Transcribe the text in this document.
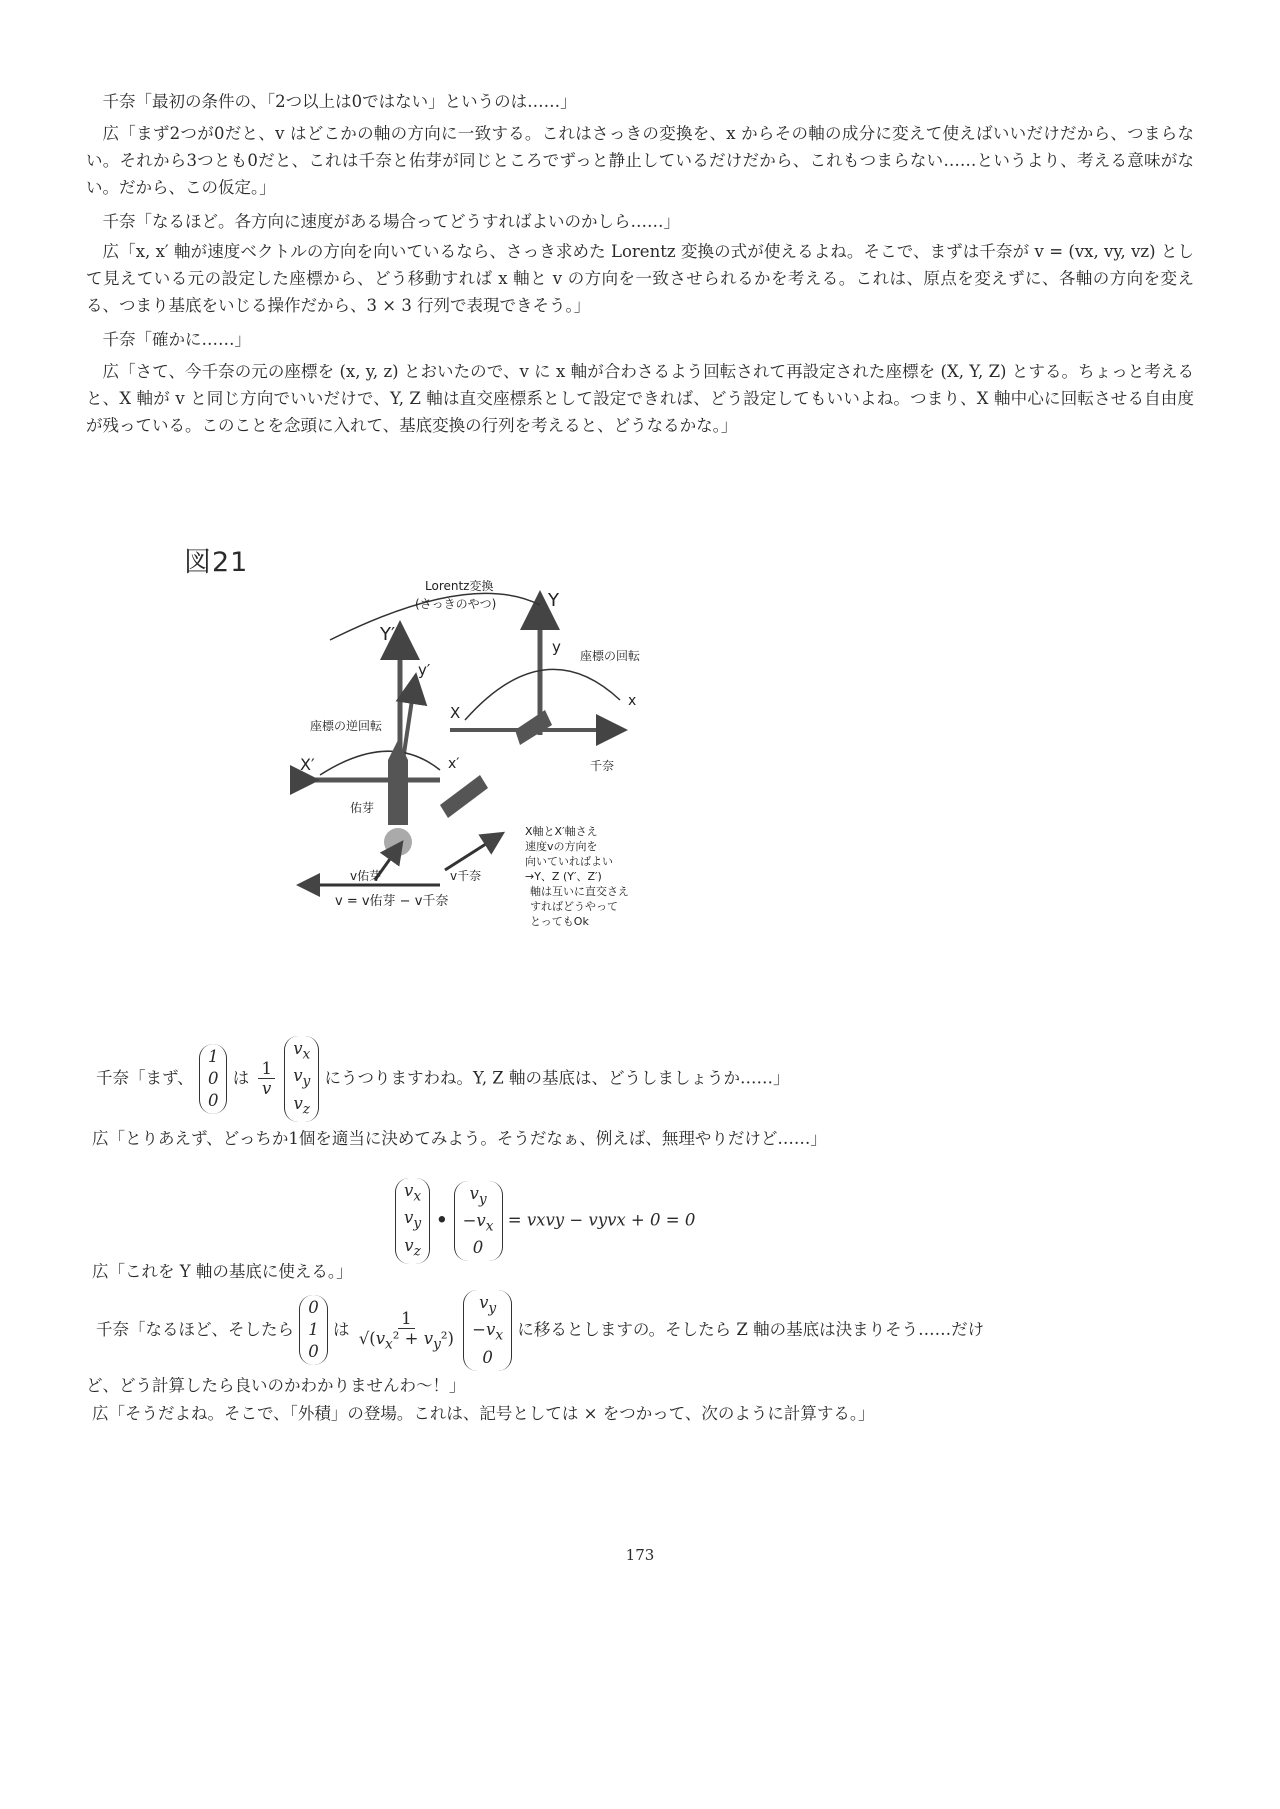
千奈「最初の条件の、「2つ以上は0ではない」というのは……」

広「まず2つが0だと、v はどこかの軸の方向に一致する。これはさっきの変換を、x からその軸の成分に変えて使えばいいだけだから、つまらない。それから3つとも0だと、これは千奈と佑芽が同じところでずっと静止しているだけだから、これもつまらない……というより、考える意味がない。だから、この仮定。」

千奈「なるほど。各方向に速度がある場合ってどうすればよいのかしら……」

広「x, x′ 軸が速度ベクトルの方向を向いているなら、さっき求めた Lorentz 変換の式が使えるよね。そこで、まずは千奈が v = (vx, vy, vz) として見えている元の設定した座標から、どう移動すれば x 軸と v の方向を一致させられるかを考える。これは、原点を変えずに、各軸の方向を変える、つまり基底をいじる操作だから、3 × 3 行列で表現できそう。」

千奈「確かに……」

広「さて、今千奈の元の座標を (x, y, z) とおいたので、v に x 軸が合わさるよう回転されて再設定された座標を (X, Y, Z) とする。ちょっと考えると、X 軸が v と同じ方向でいいだけで、Y, Z 軸は直交座標系として設定できれば、どう設定してもいいよね。つまり、X 軸中心に回転させる自由度が残っている。このことを念頭に入れて、基底変換の行列を考えると、どうなるかな。」

図21
Y′
y′
X′	x′
Y
y
X
x
Lorentz変換
(さっきのやつ)
座標の回転
座標の逆回転
千奈
佑芽
v佑芽	v千奈
v = v佑芽 − v千奈
X軸とX′軸さえ
速度vの方向を
向いていればよい
→Y、Z (Y′、Z′)
軸は互いに直交さえ
すればどうやって
とってもOk
千奈「まず、
1
0
0
は $\frac{1}{v}$

$v_x$
$v_y$
$v_z$
にうつりますわね。Y, Z 軸の基底は、どうしましょうか……」
広「とりあえず、どっちか1個を適当に決めてみよう。そうだなぁ、例えば、無理やりだけど……」
$v_x$
$v_y$
$v_z$
•
$v_y$
$-v_x$
0
= vxvy − vyvx + 0 = 0
広「これを Y 軸の基底に使える。」
千奈「なるほど、そしたら
0
1
0
は $\frac{1}{√(v_x^2 + v_y^2)}$

$v_y$
$-v_x$
0
に移るとしますの。そしたら Z 軸の基底は決まりそう……だけ
ど、どう計算したら良いのかわかりませんわ〜！」
広「そうだよね。そこで、「外積」の登場。これは、記号としては × をつかって、次のように計算する。」
173
